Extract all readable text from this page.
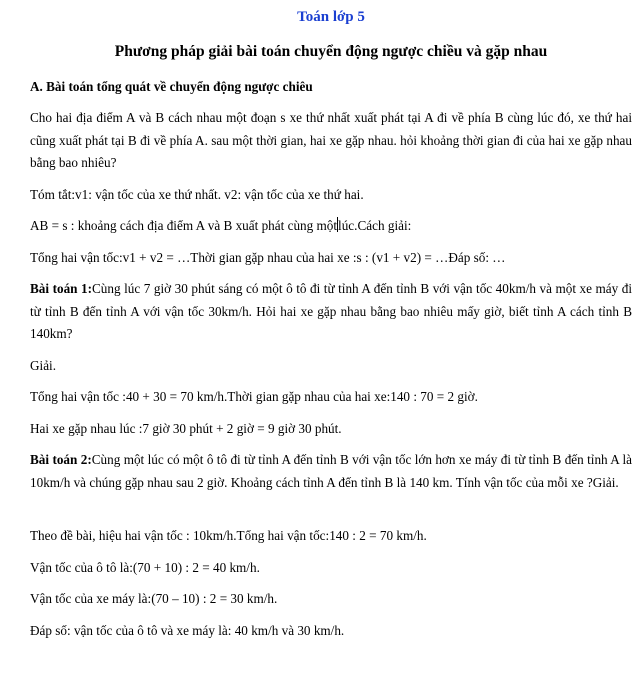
Toán lớp 5
Phương pháp giải bài toán chuyển động ngược chiều và gặp nhau
A. Bài toán tổng quát về chuyển động ngược chiêu

Cho hai địa điểm A và B cách nhau một đoạn s xe thứ nhất xuất phát tại A đi về phía B cùng lúc đó, xe thứ hai cũng xuất phát tại B đi về phía A. sau một thời gian, hai xe gặp nhau. hỏi khoảng thời gian đi của hai xe gặp nhau bằng bao nhiêu?

Tóm tắt:v1: vận tốc của xe thứ nhất. v2: vận tốc của xe thứ hai.

AB = s : khoảng cách địa điểm A và B xuất phát cùng mộtlúc.Cách giải:

Tổng hai vận tốc:v1 + v2 = …Thời gian gặp nhau của hai xe :s : (v1 + v2) = …Đáp số: …

Bài toán 1:Cùng lúc 7 giờ 30 phút sáng có một ô tô đi từ tỉnh A đến tỉnh B với vận tốc 40km/h và một xe máy đi từ tỉnh B đến tỉnh A với vận tốc 30km/h. Hỏi hai xe gặp nhau bằng bao nhiêu mấy giờ, biết tỉnh A cách tỉnh B 140km?

Giải.

Tổng hai vận tốc :40 + 30 = 70 km/h.Thời gian gặp nhau của hai xe:140 : 70 = 2 giờ.

Hai xe gặp nhau lúc :7 giờ 30 phút + 2 giờ = 9 giờ 30 phút.

Bài toán 2:Cùng một lúc có một ô tô đi từ tỉnh A đến tỉnh B với vận tốc lớn hơn xe máy đi từ tỉnh B đến tỉnh A là 10km/h và chúng gặp nhau sau 2 giờ. Khoảng cách tỉnh A đến tỉnh B là 140 km. Tính vận tốc của mỗi xe ?Giải.

Theo đề bài, hiệu hai vận tốc : 10km/h.Tổng hai vận tốc:140 : 2 = 70 km/h.

Vận tốc của ô tô là:(70 + 10) : 2 = 40 km/h.

Vận tốc của xe máy là:(70 – 10) : 2 = 30 km/h.

Đáp số: vận tốc của ô tô và xe máy là: 40 km/h và 30 km/h.
